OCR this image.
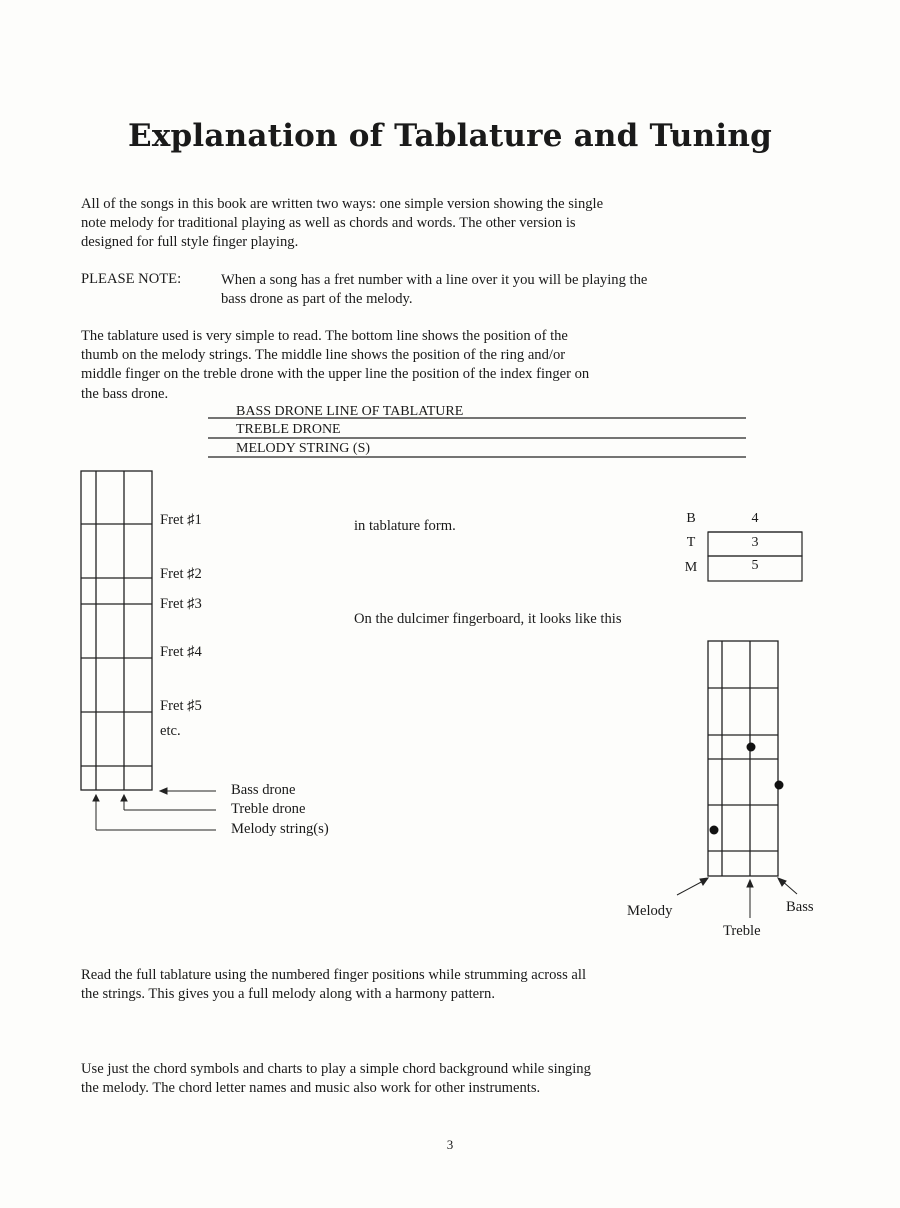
Explanation of Tablature and Tuning
All of the songs in this book are written two ways: one simple version showing the single
note melody for traditional playing as well as chords and words. The other version is
designed for full style finger playing.
PLEASE NOTE:	When a song has a fret number with a line over it you will be playing the
bass drone as part of the melody.
The tablature used is very simple to read. The bottom line shows the position of the
thumb on the melody strings. The middle line shows the position of the ring and/or
middle finger on the treble drone with the upper line the position of the index finger on
the bass drone.
BASS DRONE LINE OF TABLATURE
TREBLE DRONE
MELODY STRING (S)
Fret ♯1
Fret ♯2
Fret ♯3
Fret ♯4
Fret ♯5
etc.
Bass drone
Treble drone
Melody string(s)
in tablature form.
On the dulcimer fingerboard, it looks like this
B	4
T	3
M	5
Melody
Treble
Bass
Read the full tablature using the numbered finger positions while strumming across all
the strings. This gives you a full melody along with a harmony pattern.
Use just the chord symbols and charts to play a simple chord background while singing
the melody. The chord letter names and music also work for other instruments.
3
